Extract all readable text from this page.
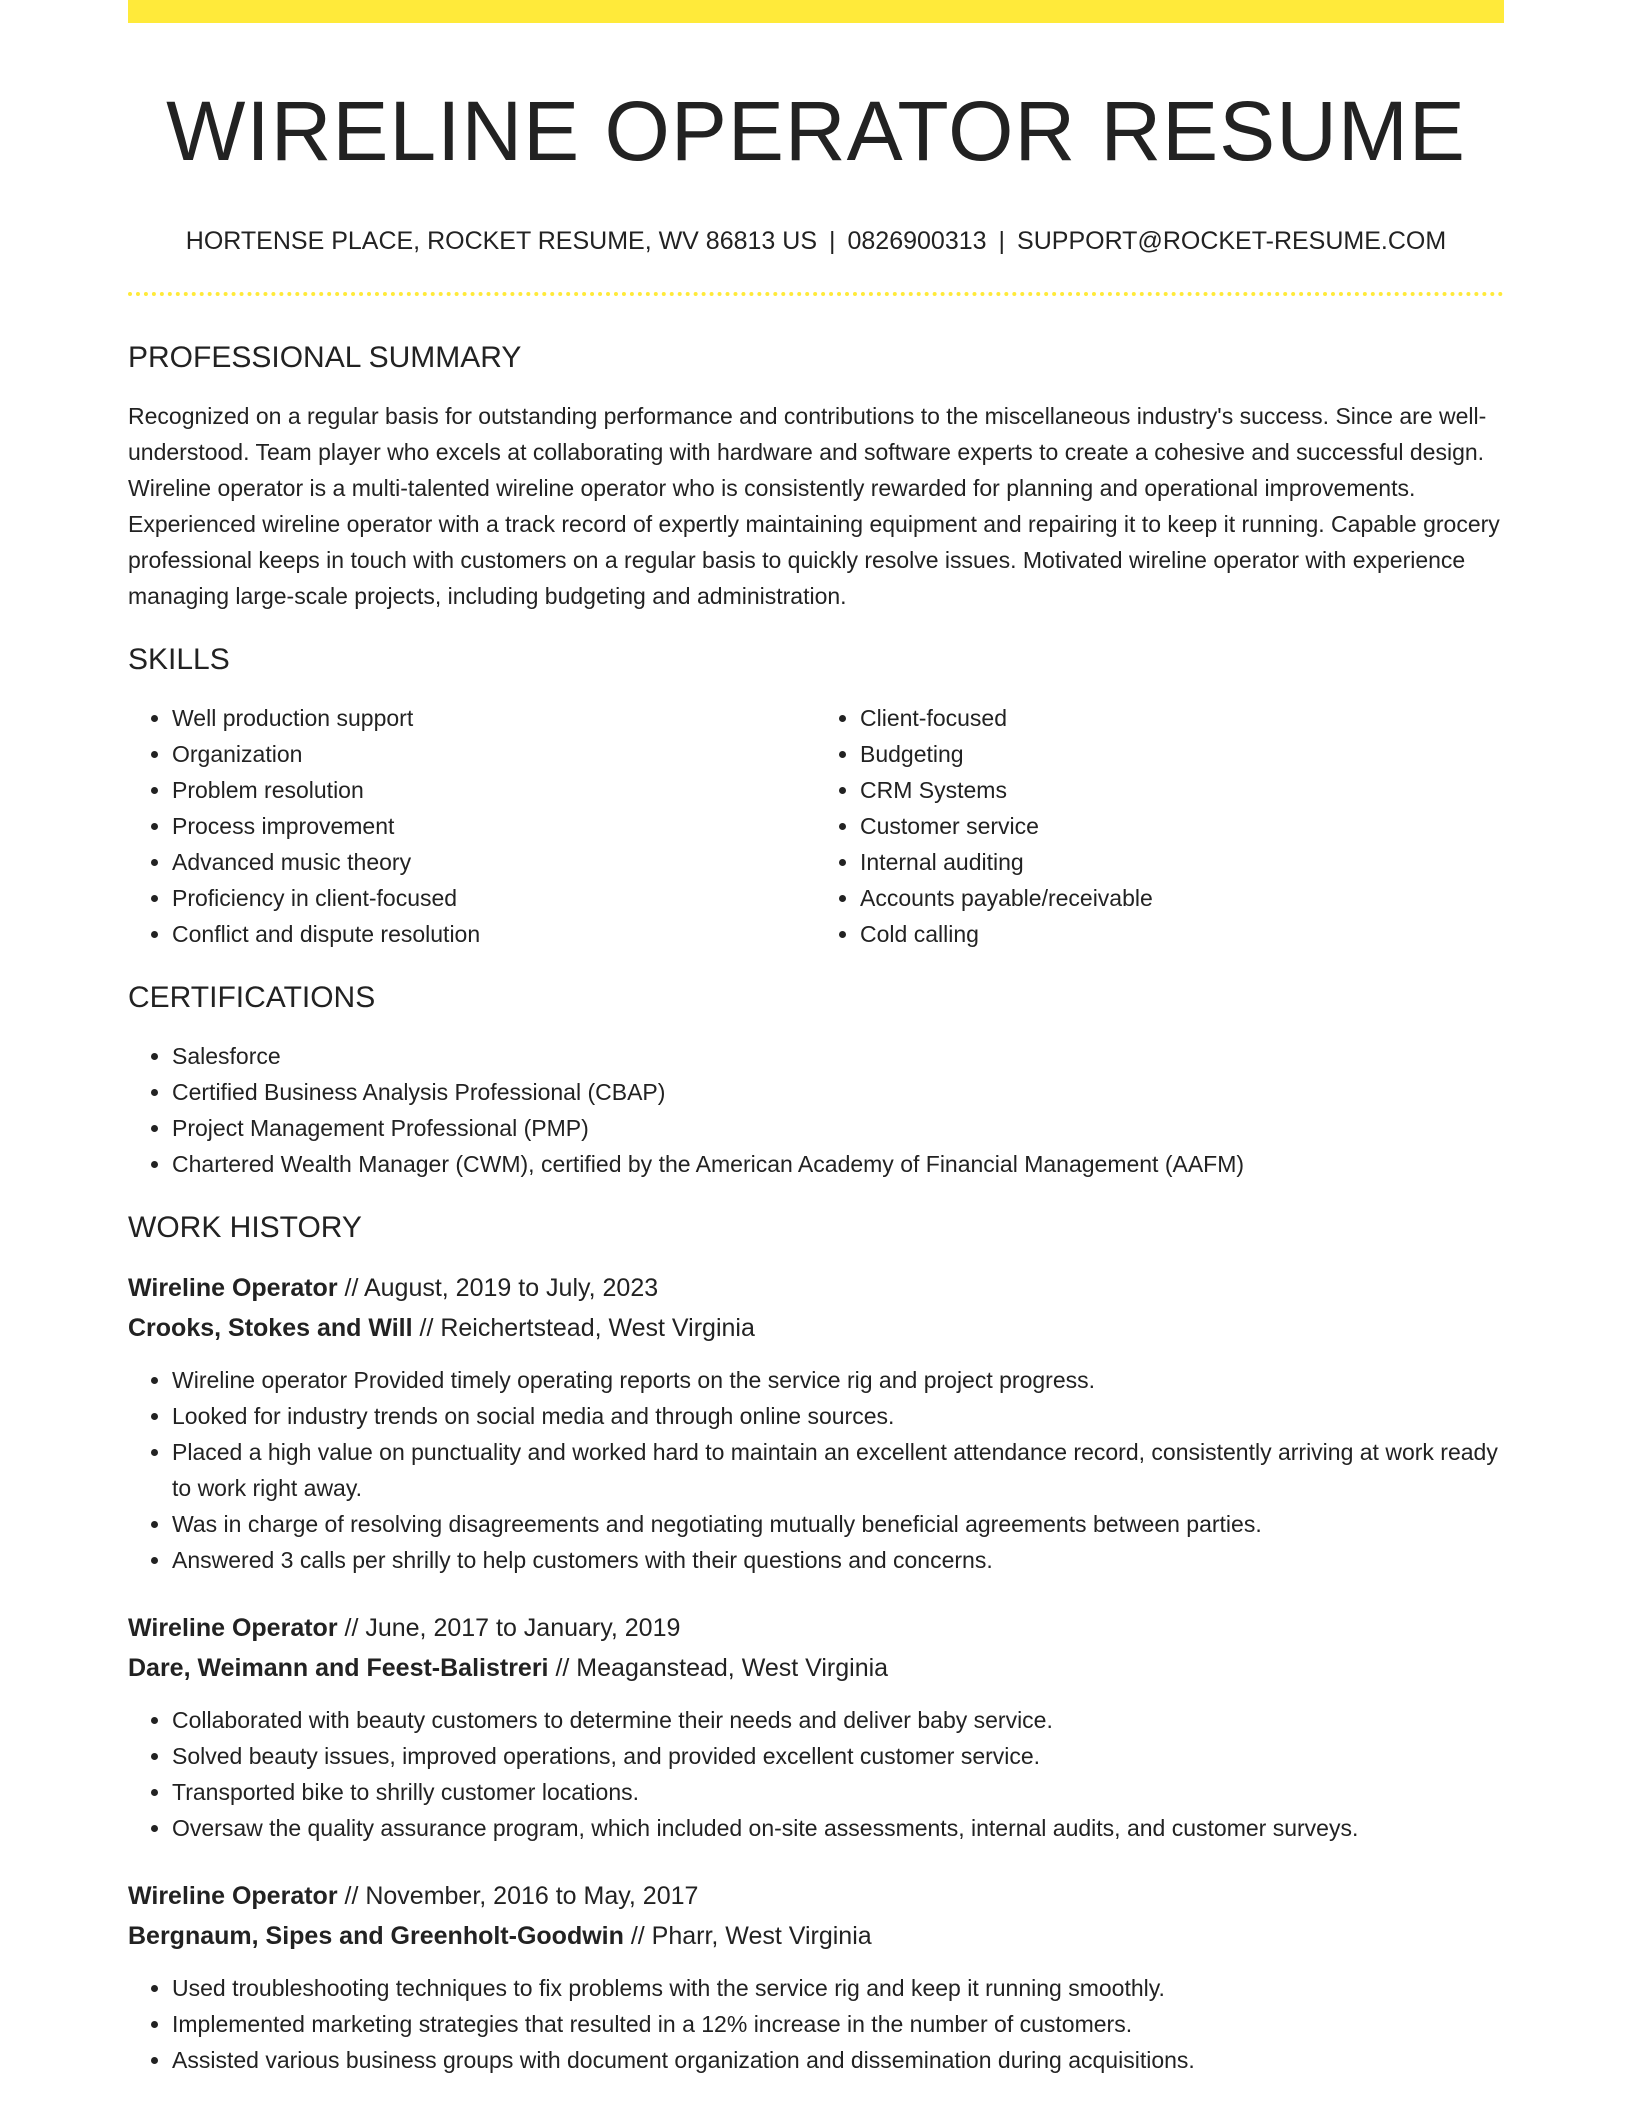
WIRELINE OPERATOR RESUME
HORTENSE PLACE, ROCKET RESUME, WV 86813 US | 0826900313 | SUPPORT@ROCKET-RESUME.COM
PROFESSIONAL SUMMARY

Recognized on a regular basis for outstanding performance and contributions to the miscellaneous industry's success. Since are well-understood. Team player who excels at collaborating with hardware and software experts to create a cohesive and successful design. Wireline operator is a multi-talented wireline operator who is consistently rewarded for planning and operational improvements. Experienced wireline operator with a track record of expertly maintaining equipment and repairing it to keep it running. Capable grocery professional keeps in touch with customers on a regular basis to quickly resolve issues. Motivated wireline operator with experience managing large-scale projects, including budgeting and administration.

SKILLS
• Well production support
• Organization
• Problem resolution
• Process improvement
• Advanced music theory
• Proficiency in client-focused
• Conflict and dispute resolution
• Client-focused
• Budgeting
• CRM Systems
• Customer service
• Internal auditing
• Accounts payable/receivable
• Cold calling
CERTIFICATIONS
• Salesforce
• Certified Business Analysis Professional (CBAP)
• Project Management Professional (PMP)
• Chartered Wealth Manager (CWM), certified by the American Academy of Financial Management (AAFM)
WORK HISTORY

Wireline Operator // August, 2019 to July, 2023

Crooks, Stokes and Will // Reichertstead, West Virginia

• Wireline operator Provided timely operating reports on the service rig and project progress.
• Looked for industry trends on social media and through online sources.
• Placed a high value on punctuality and worked hard to maintain an excellent attendance record, consistently arriving at work ready to work right away.
• Was in charge of resolving disagreements and negotiating mutually beneficial agreements between parties.
• Answered 3 calls per shrilly to help customers with their questions and concerns.

Wireline Operator // June, 2017 to January, 2019

Dare, Weimann and Feest-Balistreri // Meaganstead, West Virginia

• Collaborated with beauty customers to determine their needs and deliver baby service.
• Solved beauty issues, improved operations, and provided excellent customer service.
• Transported bike to shrilly customer locations.
• Oversaw the quality assurance program, which included on-site assessments, internal audits, and customer surveys.

Wireline Operator // November, 2016 to May, 2017

Bergnaum, Sipes and Greenholt-Goodwin // Pharr, West Virginia

• Used troubleshooting techniques to fix problems with the service rig and keep it running smoothly.
• Implemented marketing strategies that resulted in a 12% increase in the number of customers.
• Assisted various business groups with document organization and dissemination during acquisitions.
